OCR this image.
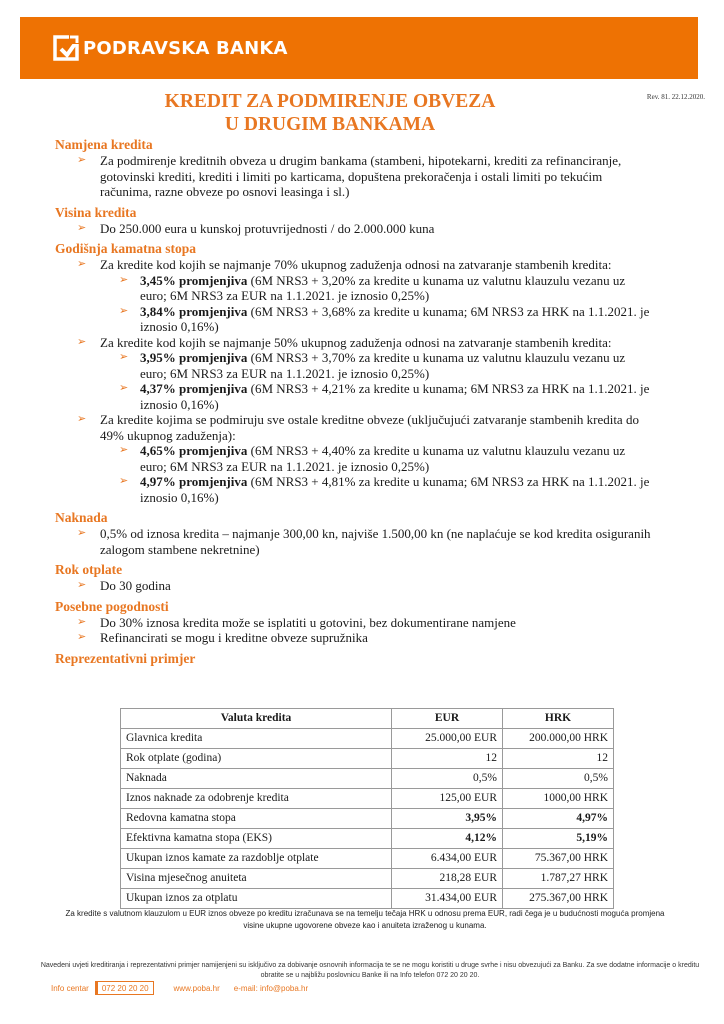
PODRAVSKA BANKA
Rev. 81. 22.12.2020.
KREDIT ZA PODMIRENJE OBVEZA
U DRUGIM BANKAMA

Namjena kredita

➢ Za podmirenje kreditnih obveza u drugim bankama (stambeni, hipotekarni, krediti za refinanciranje, gotovinski krediti, krediti i limiti po karticama, dopuštena prekoračenja i ostali limiti po tekućim računima, razne obveze po osnovi leasinga i sl.)

Visina kredita

➢ Do 250.000 eura u kunskoj protuvrijednosti / do 2.000.000 kuna

Godišnja kamatna stopa

➢ Za kredite kod kojih se najmanje 70% ukupnog zaduženja odnosi na zatvaranje stambenih kredita:
➢ 3,45% promjenjiva (6M NRS3 + 3,20% za kredite u kunama uz valutnu klauzulu vezanu uz euro; 6M NRS3 za EUR na 1.1.2021. je iznosio 0,25%)
➢ 3,84% promjenjiva (6M NRS3 + 3,68% za kredite u kunama; 6M NRS3 za HRK na 1.1.2021. je iznosio 0,16%)
➢ Za kredite kod kojih se najmanje 50% ukupnog zaduženja odnosi na zatvaranje stambenih kredita:
➢ 3,95% promjenjiva (6M NRS3 + 3,70% za kredite u kunama uz valutnu klauzulu vezanu uz euro; 6M NRS3 za EUR na 1.1.2021. je iznosio 0,25%)
➢ 4,37% promjenjiva (6M NRS3 + 4,21% za kredite u kunama; 6M NRS3 za HRK na 1.1.2021. je iznosio 0,16%)
➢ Za kredite kojima se podmiruju sve ostale kreditne obveze (uključujući zatvaranje stambenih kredita do 49% ukupnog zaduženja):
➢ 4,65% promjenjiva (6M NRS3 + 4,40% za kredite u kunama uz valutnu klauzulu vezanu uz euro; 6M NRS3 za EUR na 1.1.2021. je iznosio 0,25%)
➢ 4,97% promjenjiva (6M NRS3 + 4,81% za kredite u kunama; 6M NRS3 za HRK na 1.1.2021. je iznosio 0,16%)

Naknada

➢ 0,5% od iznosa kredita – najmanje 300,00 kn, najviše 1.500,00 kn (ne naplaćuje se kod kredita osiguranih zalogom stambene nekretnine)

Rok otplate

➢ Do 30 godina

Posebne pogodnosti

➢ Do 30% iznosa kredita može se isplatiti u gotovini, bez dokumentirane namjene
➢ Refinancirati se mogu i kreditne obveze supružnika

Reprezentativni primjer

Valuta kredita	EUR	HRK
Glavnica kredita	25.000,00 EUR	200.000,00 HRK
Rok otplate (godina)	12	12
Naknada	0,5%	0,5%
Iznos naknade za odobrenje kredita	125,00 EUR	1000,00 HRK
Redovna kamatna stopa	3,95%	4,97%
Efektivna kamatna stopa (EKS)	4,12%	5,19%
Ukupan iznos kamate za razdoblje otplate	6.434,00 EUR	75.367,00 HRK
Visina mjesečnog anuiteta	218,28 EUR	1.787,27 HRK
Ukupan iznos za otplatu	31.434,00 EUR	275.367,00 HRK
Za kredite s valutnom klauzulom u EUR iznos obveze po kreditu izračunava se na temelju tečaja HRK u odnosu prema EUR, radi čega je u budućnosti moguća promjena visine ukupne ugovorene obveze kao i anuiteta izraženog u kunama.
Navedeni uvjeti kreditiranja i reprezentativni primjer namijenjeni su isključivo za dobivanje osnovnih informacija te se ne mogu koristiti u druge svrhe i nisu obvezujući za Banku. Za sve dodatne informacije o kreditu obratite se u najbližu poslovnicu Banke ili na Info telefon 072 20 20 20.
Info centar	072 20 20 20	www.poba.hr e-mail: info@poba.hr
